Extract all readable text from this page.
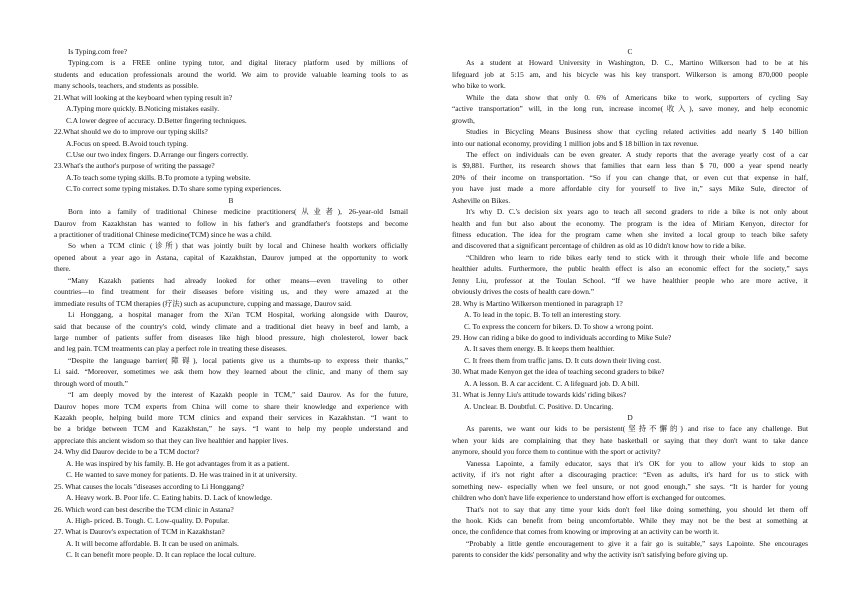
Is Typing.com free?
Typing.com is a FREE online typing tutor, and digital literacy platform used by millions of
students and education professionals around the world. We aim to provide valuable learning tools to as
many schools, teachers, and students as possible.
21.What will looking at the keyboard when typing result in?
A.Typing more quickly. B.Noticing mistakes easily.
C.A lower degree of accuracy. D.Better fingering techniques.
22.What should we do to improve our typing skills?
A.Focus on speed. B.Avoid touch typing.
C.Use our two index fingers. D.Arrange our fingers correctly.
23.What's the author's purpose of writing the passage?
A.To teach some typing skills. B.To promote a typing website.
C.To correct some typing mistakes. D.To share some typing experiences.
B
Born into a family of traditional Chinese medicine practitioners(从业者), 26-year-old Ismail
Daurov from Kazakhstan has wanted to follow in his father's and grandfather's footsteps and become
a practitioner of traditional Chinese medicine(TCM) since he was a child.
So when a TCM clinic (诊所) that was jointly built by local and Chinese health workers officially
opened about a year ago in Astana, capital of Kazakhstan, Daurov jumped at the opportunity to work
there.
“Many Kazakh patients had already looked for other means—even traveling to other
countries—to find treatment for their diseases before visiting us, and they were amazed at the
immediate results of TCM therapies (疗法) such as acupuncture, cupping and massage, Daurov said.
Li Honggang, a hospital manager from the Xi'an TCM Hospital, working alongside with Daurov,
said that because of the country's cold, windy climate and a traditional diet heavy in beef and lamb, a
large number of patients suffer from diseases like high blood pressure, high cholesterol, lower back
and leg pain. TCM treatments can play a perfect role in treating these diseases.
“Despite the language barrier(障碍), local patients give us a thumbs-up to express their thanks,”
Li said. “Moreover, sometimes we ask them how they learned about the clinic, and many of them say
through word of mouth.”
“I am deeply moved by the interest of Kazakh people in TCM,” said Daurov. As for the future,
Daurov hopes more TCM experts from China will come to share their knowledge and experience with
Kazakh people, helping build more TCM clinics and expand their services in Kazakhstan. “I want to
be a bridge between TCM and Kazakhstan,” he says. “I want to help my people understand and
appreciate this ancient wisdom so that they can live healthier and happier lives.
24. Why did Daurov decide to be a TCM doctor?
A. He was inspired by his family. B. He got advantages from it as a patient.
C. He wanted to save money for patients. D. He was trained in it at university.
25. What causes the locals "diseases according to Li Honggang?
A. Heavy work. B. Poor life. C. Eating habits. D. Lack of knowledge.
26. Which word can best describe the TCM clinic in Astana?
A. High- priced. B. Tough. C. Low-quality. D. Popular.
27. What is Daurov's expectation of TCM in Kazakhstan?
A. It will become affordable. B. It can be used on animals.
C. It can benefit more people. D. It can replace the local culture.
C
As a student at Howard University in Washington, D. C., Martino Wilkerson had to be at his
lifeguard job at 5:15 am, and his bicycle was his key transport. Wilkerson is among 870,000 people
who bike to work.
While the data show that only 0. 6% of Americans bike to work, supporters of cycling Say
“active transportation” will, in the long run, increase income(收入), save money, and help economic
growth,
Studies in Bicycling Means Business show that cycling related activities add nearly $ 140 billion
into our national economy, providing 1 million jobs and $ 18 billion in tax revenue.
The effect on individuals can be even greater. A study reports that the average yearly cost of a car
is $9,881. Further, its research shows that families that earn less than $ 70, 000 a year spend nearly
20% of their income on transportation. “So if you can change that, or even cut that expense in half,
you have just made a more affordable city for yourself to live in,” says Mike Sule, director of
Asheville on Bikes.
It's why D. C.'s decision six years ago to teach all second graders to ride a bike is not only about
health and fun but also about the economy. The program is the idea of Miriam Kenyon, director for
fitness education. The idea for the program came when she invited a local group to teach bike safety
and discovered that a significant percentage of children as old as 10 didn't know how to ride a bike.
“Children who learn to ride bikes early tend to stick with it through their whole life and become
healthier adults. Furthermore, the public health effect is also an economic effect for the society,” says
Jenny Liu, professor at the Toulan School. “If we have healthier people who are more active, it
obviously drives the costs of health care down.”
28. Why is Martino Wilkerson mentioned in paragraph 1?
A. To lead in the topic. B. To tell an interesting story.
C. To express the concern for bikers. D. To show a wrong point.
29. How can riding a bike do good to individuals according to Mike Sule?
A. It saves them energy. B. It keeps them healthier.
C. It frees them from traffic jams. D. It cuts down their living cost.
30. What made Kenyon get the idea of teaching second graders to bike?
A. A lesson. B. A car accident. C. A lifeguard job. D. A bill.
31. What is Jenny Liu's attitude towards kids' riding bikes?
A. Unclear. B. Doubtful. C. Positive. D. Uncaring.
D
As parents, we want our kids to be persistent(坚持不懈的) and rise to face any challenge. But
when your kids are complaining that they hate basketball or saying that they don't want to take dance
anymore, should you force them to continue with the sport or activity?
Vanessa Lapointe, a family educator, says that it's OK for you to allow your kids to stop an
activity, if it's not right after a discouraging practice: “Even as adults, it's hard for us to stick with
something new- especially when we feel unsure, or not good enough,” she says. “It is harder for young
children who don't have life experience to understand how effort is exchanged for outcomes.
That's not to say that any time your kids don't feel like doing something, you should let them off
the hook. Kids can benefit from being uncomfortable. While they may not be the best at something at
once, the confidence that comes from knowing or improving at an activity can be worth it.
“Probably a little gentle encouragement to give it a fair go is suitable,” says Lapointe. She encourages
parents to consider the kids' personality and why the activity isn't satisfying before giving up.
